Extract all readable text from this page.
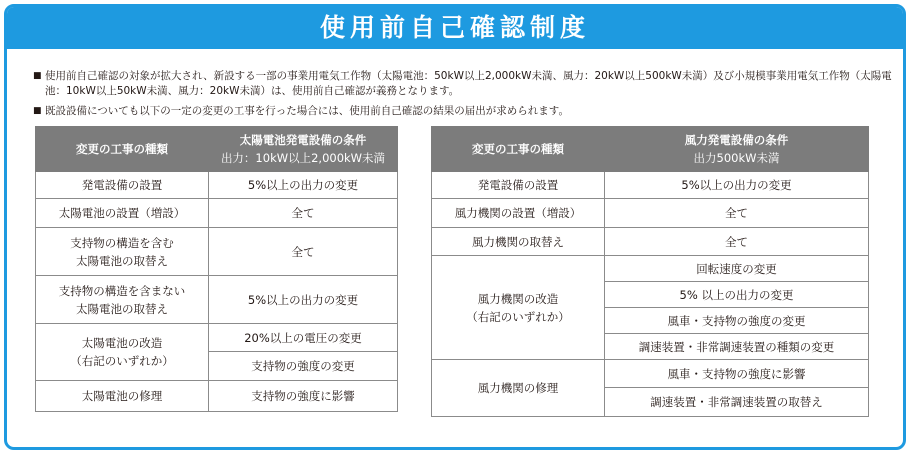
使用前自己確認制度
■ 使用前自己確認の対象が拡大され、新設する一部の事業用電気工作物（太陽電池：50kW以上2,000kW未満、風力：20kW以上500kW未満）及び小規模事業用電気工作物（太陽電池：10kW以上50kW未満、風力：20kW未満）は、使用前自己確認が義務となります。
■ 既設設備についても以下の一定の変更の工事を行った場合には、使用前自己確認の結果の届出が求められます。
変更の工事の種類	太陽電池発電設備の条件
出力：10kW以上2,000kW未満

発電設備の設置	5%以上の出力の変更
太陽電池の設置（増設）	全て

支持物の構造を含む
太陽電池の取替え	全て

支持物の構造を含まない
太陽電池の取替え	5%以上の出力の変更

太陽電池の改造
（右記のいずれか）	20%以上の電圧の変更
	支持物の強度の変更
太陽電池の修理	支持物の強度に影響
変更の工事の種類	風力発電設備の条件
出力500kW未満

発電設備の設置	5%以上の出力の変更
風力機関の設置（増設）	全て
風力機関の取替え	全て

風力機関の改造
（右記のいずれか）	回転速度の変更
	5% 以上の出力の変更
	風車・支持物の強度の変更
	調速装置・非常調速装置の種類の変更
風力機関の修理	風車・支持物の強度に影響
	調速装置・非常調速装置の取替え
